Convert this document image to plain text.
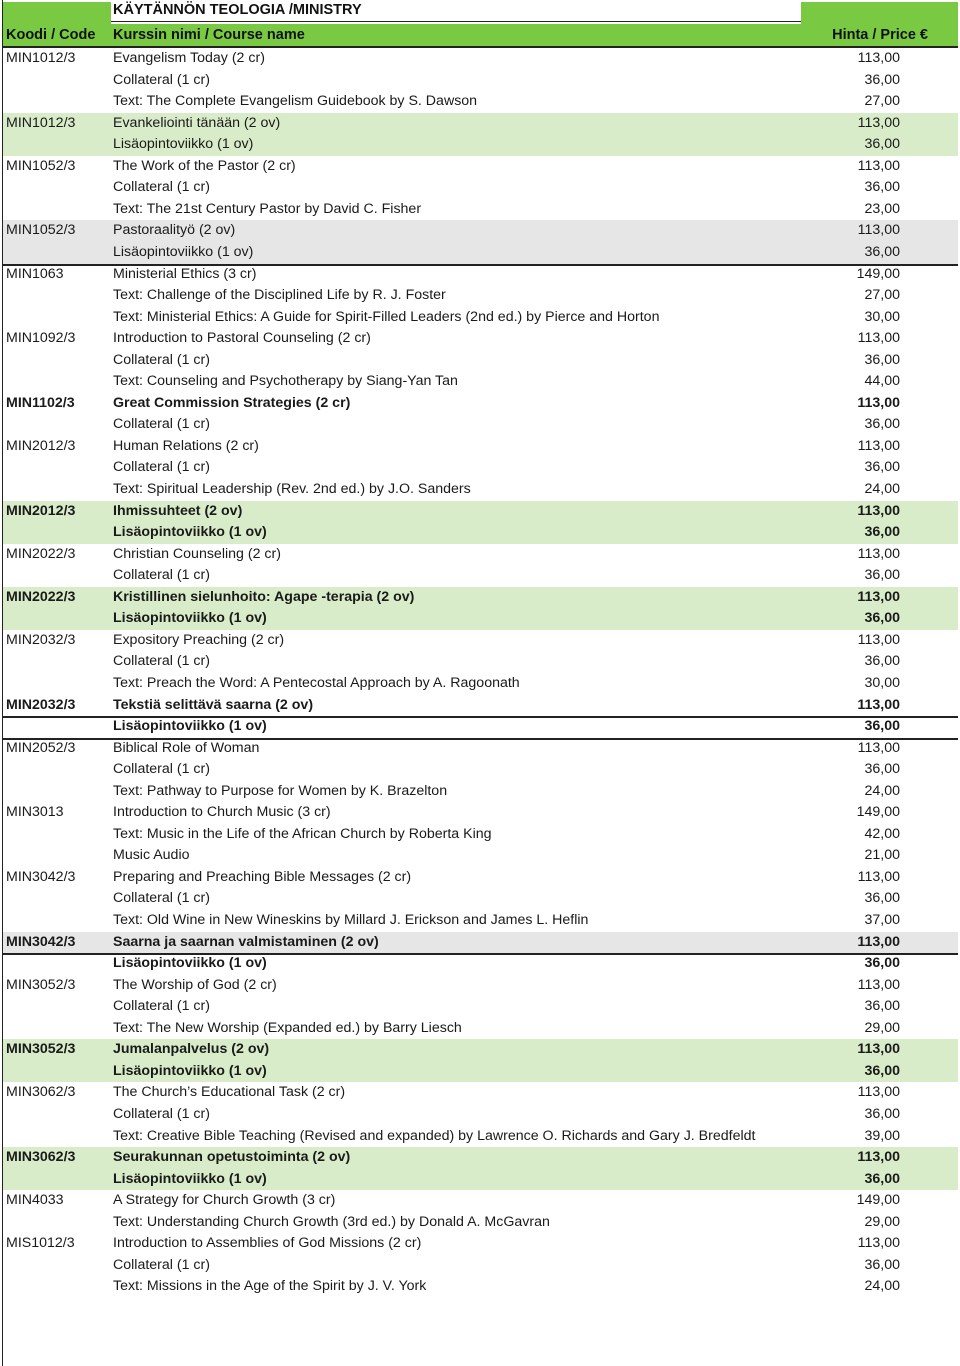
KÄYTÄNNÖN TEOLOGIA /MINISTRY
Koodi / Code Kurssin nimi / Course name	Hinta / Price €
MIN1012/3	Evangelism Today (2 cr)	113,00
Collateral (1 cr)	36,00
Text: The Complete Evangelism Guidebook by S. Dawson	27,00
MIN1012/3	Evankeliointi tänään (2 ov)	113,00
Lisäopintoviikko (1 ov)	36,00
MIN1052/3	The Work of the Pastor (2 cr)	113,00
Collateral (1 cr)	36,00
Text: The 21st Century Pastor by David C. Fisher	23,00
MIN1052/3	Pastoraalityö (2 ov)	113,00
Lisäopintoviikko (1 ov)	36,00
MIN1063	Ministerial Ethics (3 cr)	149,00
Text: Challenge of the Disciplined Life by R. J. Foster	27,00
Text: Ministerial Ethics: A Guide for Spirit-Filled Leaders (2nd ed.) by Pierce and Horton	30,00
MIN1092/3	Introduction to Pastoral Counseling (2 cr)	113,00
Collateral (1 cr)	36,00
Text: Counseling and Psychotherapy by Siang-Yan Tan	44,00
MIN1102/3	Great Commission Strategies (2 cr)	113,00
Collateral (1 cr)	36,00
MIN2012/3	Human Relations (2 cr)	113,00
Collateral (1 cr)	36,00
Text: Spiritual Leadership (Rev. 2nd ed.) by J.O. Sanders	24,00
MIN2012/3	Ihmissuhteet (2 ov)	113,00
Lisäopintoviikko (1 ov)	36,00
MIN2022/3	Christian Counseling (2 cr)	113,00
Collateral (1 cr)	36,00
MIN2022/3	Kristillinen sielunhoito: Agape -terapia (2 ov)	113,00
Lisäopintoviikko (1 ov)	36,00
MIN2032/3	Expository Preaching (2 cr)	113,00
Collateral (1 cr)	36,00
Text: Preach the Word: A Pentecostal Approach by A. Ragoonath	30,00
MIN2032/3	Tekstiä selittävä saarna (2 ov)	113,00
Lisäopintoviikko (1 ov)	36,00
MIN2052/3	Biblical Role of Woman	113,00
Collateral (1 cr)	36,00
Text: Pathway to Purpose for Women by K. Brazelton	24,00
MIN3013	Introduction to Church Music (3 cr)	149,00
Text: Music in the Life of the African Church by Roberta King	42,00
Music Audio	21,00
MIN3042/3	Preparing and Preaching Bible Messages (2 cr)	113,00
Collateral (1 cr)	36,00
Text: Old Wine in New Wineskins by Millard J. Erickson and James L. Heflin	37,00
MIN3042/3	Saarna ja saarnan valmistaminen (2 ov)	113,00
Lisäopintoviikko (1 ov)	36,00
MIN3052/3	The Worship of God (2 cr)	113,00
Collateral (1 cr)	36,00
Text: The New Worship (Expanded ed.) by Barry Liesch	29,00
MIN3052/3	Jumalanpalvelus (2 ov)	113,00
Lisäopintoviikko (1 ov)	36,00
MIN3062/3	The Church’s Educational Task (2 cr)	113,00
Collateral (1 cr)	36,00
Text: Creative Bible Teaching (Revised and expanded) by Lawrence O. Richards and Gary J. Bredfeldt	39,00
MIN3062/3	Seurakunnan opetustoiminta (2 ov)	113,00
Lisäopintoviikko (1 ov)	36,00
MIN4033	A Strategy for Church Growth (3 cr)	149,00
Text: Understanding Church Growth (3rd ed.) by Donald A. McGavran	29,00
MIS1012/3	Introduction to Assemblies of God Missions (2 cr)	113,00
Collateral (1 cr)	36,00
Text: Missions in the Age of the Spirit by J. V. York	24,00
